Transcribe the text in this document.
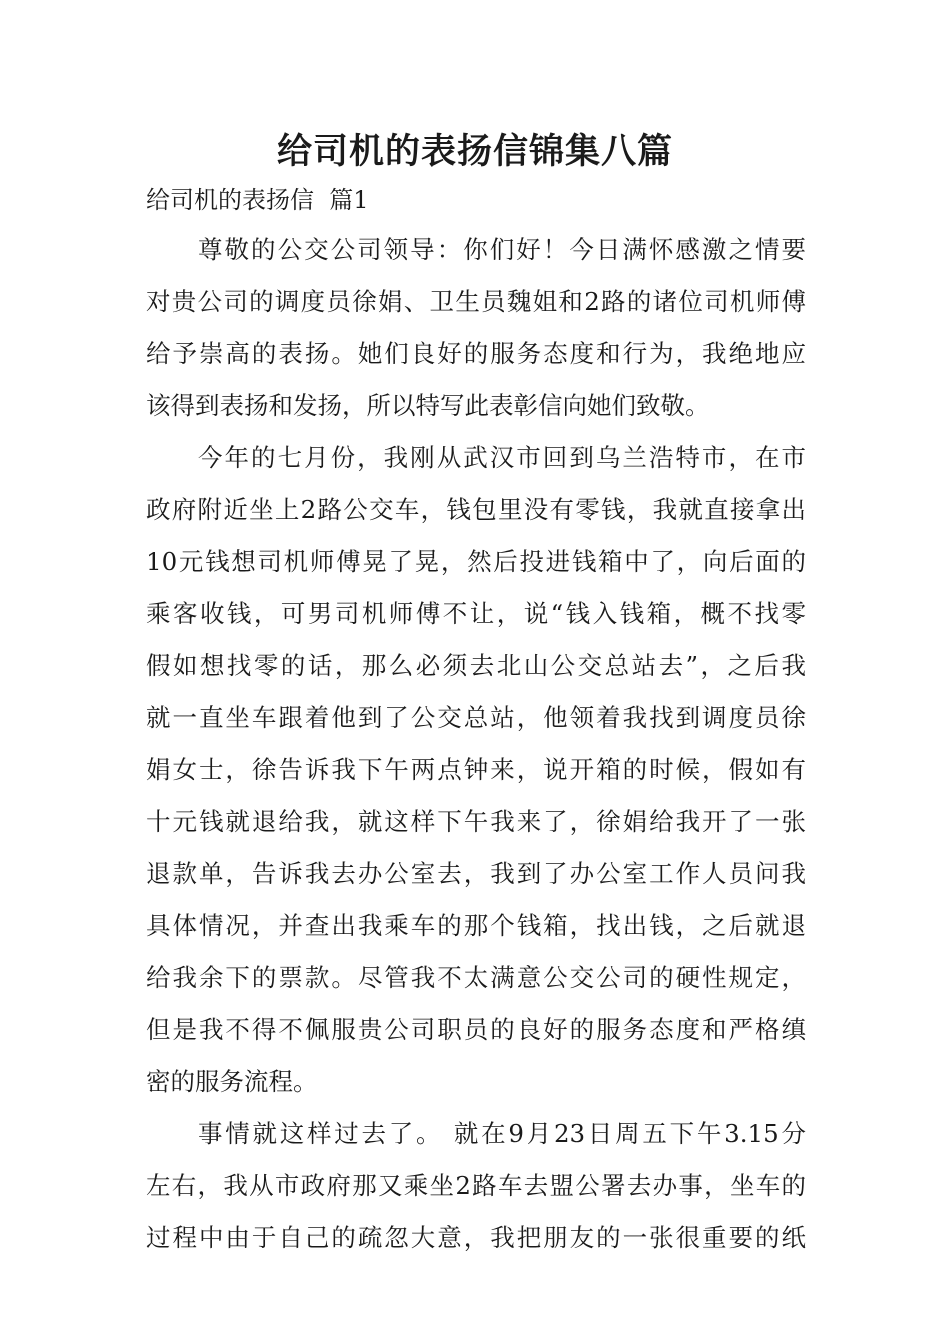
给司机的表扬信锦集八篇
给司机的表扬信  篇1

尊敬的公交公司领导：你们好！今日满怀感激之情要

对贵公司的调度员徐娟、卫生员魏姐和2路的诸位司机师傅

给予崇高的表扬。她们良好的服务态度和行为，我绝地应

该得到表扬和发扬，所以特写此表彰信向她们致敬。

今年的七月份，我刚从武汉市回到乌兰浩特市，在市

政府附近坐上2路公交车，钱包里没有零钱，我就直接拿出

10元钱想司机师傅晃了晃，然后投进钱箱中了，向后面的

乘客收钱，可男司机师傅不让，说“钱入钱箱，概不找零

假如想找零的话，那么必须去北山公交总站去”，之后我

就一直坐车跟着他到了公交总站，他领着我找到调度员徐

娟女士，徐告诉我下午两点钟来，说开箱的时候，假如有

十元钱就退给我，就这样下午我来了，徐娟给我开了一张

退款单，告诉我去办公室去，我到了办公室工作人员问我

具体情况，并查出我乘车的那个钱箱，找出钱，之后就退

给我余下的票款。尽管我不太满意公交公司的硬性规定，

但是我不得不佩服贵公司职员的良好的服务态度和严格缜

密的服务流程。

事情就这样过去了。 就在9月23日周五下午3.15分

左右，我从市政府那又乘坐2路车去盟公署去办事，坐车的

过程中由于自己的疏忽大意，我把朋友的一张很重要的纸
